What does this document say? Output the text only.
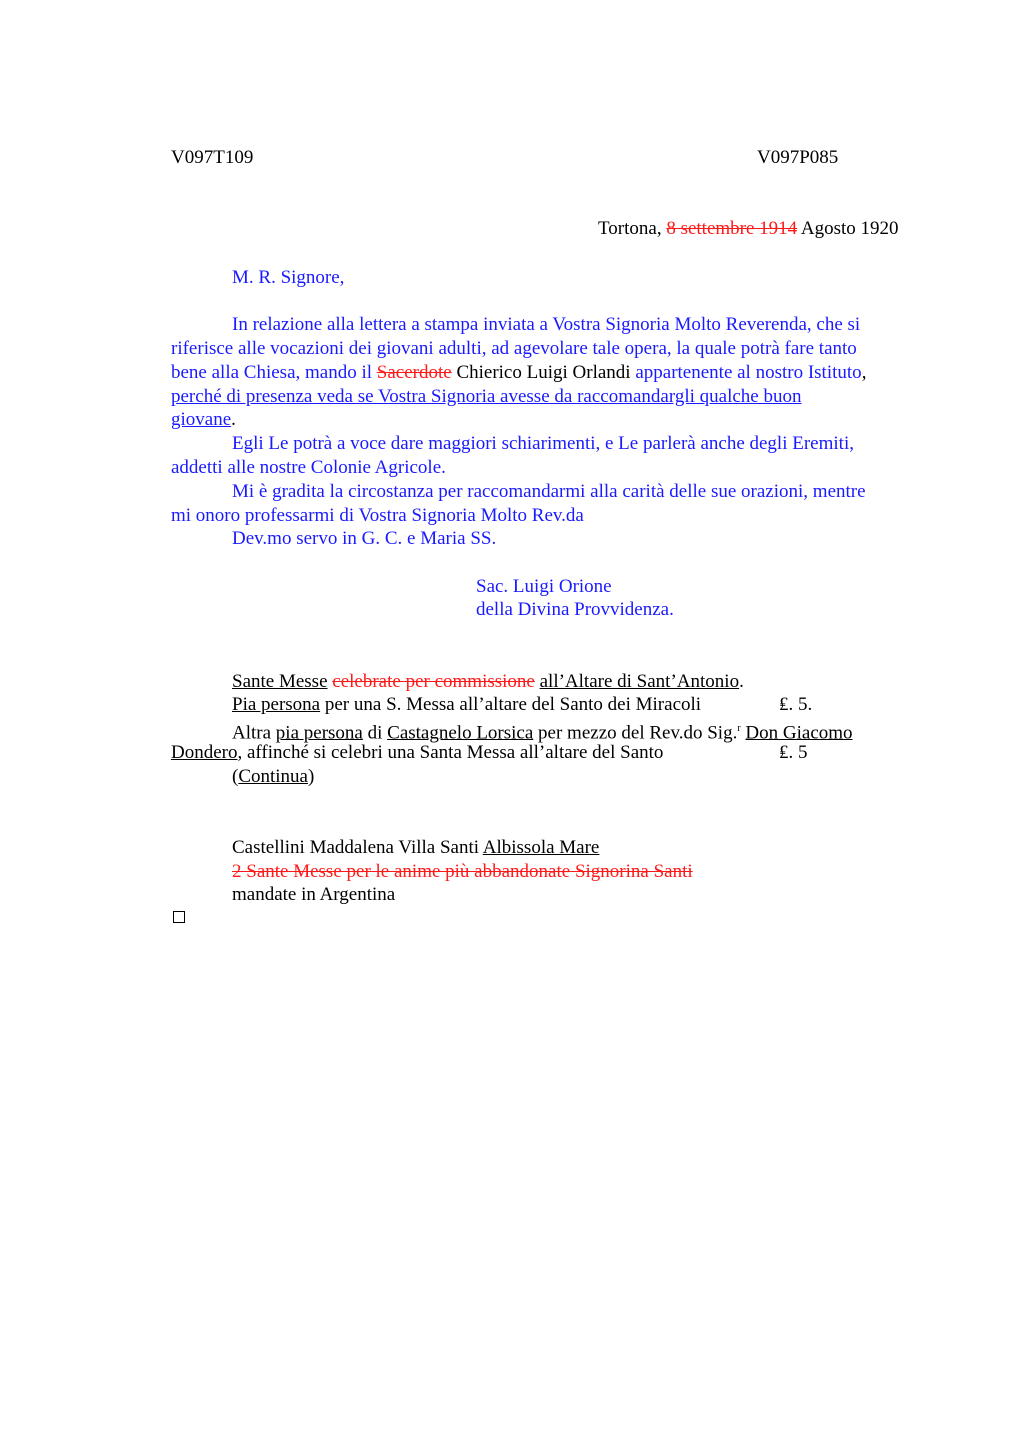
V097T109	V097P085
Tortona, 8 settembre 1914 Agosto 1920
M. R. Signore,
In relazione alla lettera a stampa inviata a Vostra Signoria Molto Reverenda, che si
riferisce alle vocazioni dei giovani adulti, ad agevolare tale opera, la quale potrà fare tanto
bene alla Chiesa, mando il Sacerdote Chierico Luigi Orlandi appartenente al nostro Istituto,
perché di presenza veda se Vostra Signoria avesse da raccomandargli qualche buon
giovane.
Egli Le potrà a voce dare maggiori schiarimenti, e Le parlerà anche degli Eremiti,
addetti alle nostre Colonie Agricole.
Mi è gradita la circostanza per raccomandarmi alla carità delle sue orazioni, mentre
mi onoro professarmi di Vostra Signoria Molto Rev.da
Dev.mo servo in G. C. e Maria SS.
Sac. Luigi Orione
della Divina Provvidenza.
Sante Messe celebrate per commissione all’Altare di Sant’Antonio.
Pia persona per una S. Messa all’altare del Santo dei Miracoli	₤. 5.
Altra pia persona di Castagnelo Lorsica per mezzo del Rev.do Sig.$^r$ Don Giacomo
Dondero, affinché si celebri una Santa Messa all’altare del Santo	₤. 5
(Continua)
Castellini Maddalena Villa Santi Albissola Mare
2 Sante Messe per le anime più abbandonate Signorina Santi
mandate in Argentina
